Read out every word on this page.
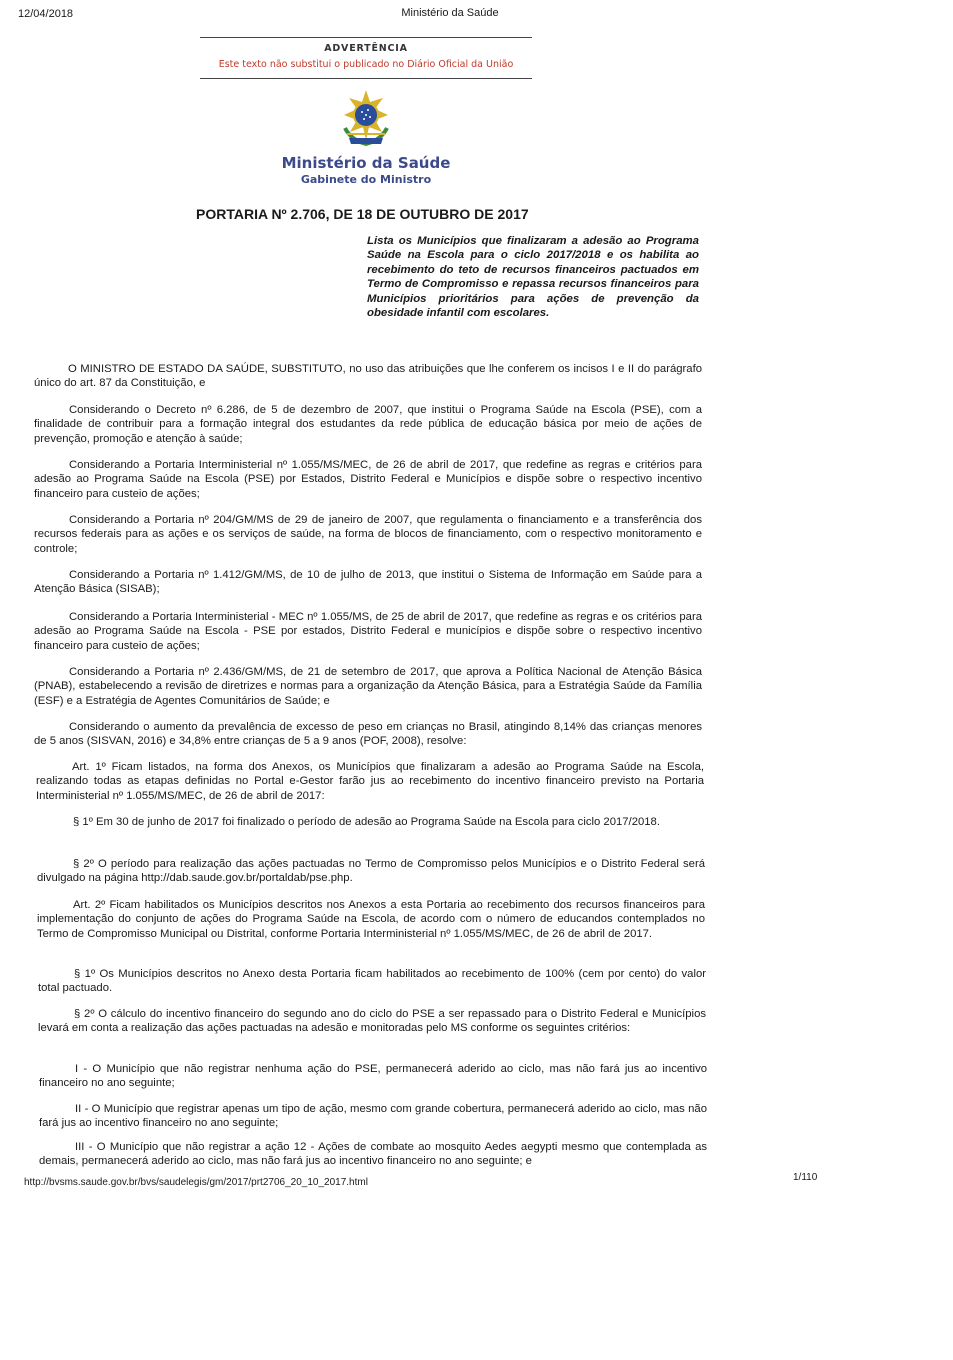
12/04/2018	Ministério da Saúde
ADVERTÊNCIA
Este texto não substitui o publicado no Diário Oficial da União
Ministério da Saúde
Gabinete do Ministro
PORTARIA Nº 2.706, DE 18 DE OUTUBRO DE 2017
Lista os Municípios que finalizaram a adesão ao Programa Saúde na Escola para o ciclo 2017/2018 e os habilita ao recebimento do teto de recursos financeiros pactuados em Termo de Compromisso e repassa recursos financeiros para Municípios prioritários para ações de prevenção da obesidade infantil com escolares.
O MINISTRO DE ESTADO DA SAÚDE, SUBSTITUTO, no uso das atribuições que lhe conferem os incisos I e II do parágrafo único do art. 87 da Constituição, e
Considerando o Decreto nº 6.286, de 5 de dezembro de 2007, que institui o Programa Saúde na Escola (PSE), com a finalidade de contribuir para a formação integral dos estudantes da rede pública de educação básica por meio de ações de prevenção, promoção e atenção à saúde;
Considerando a Portaria Interministerial nº 1.055/MS/MEC, de 26 de abril de 2017, que redefine as regras e critérios para adesão ao Programa Saúde na Escola (PSE) por Estados, Distrito Federal e Municípios e dispõe sobre o respectivo incentivo financeiro para custeio de ações;
Considerando a Portaria nº 204/GM/MS de 29 de janeiro de 2007, que regulamenta o financiamento e a transferência dos recursos federais para as ações e os serviços de saúde, na forma de blocos de financiamento, com o respectivo monitoramento e controle;
Considerando a Portaria nº 1.412/GM/MS, de 10 de julho de 2013, que institui o Sistema de Informação em Saúde para a Atenção Básica (SISAB);
Considerando a Portaria Interministerial - MEC nº 1.055/MS, de 25 de abril de 2017, que redefine as regras e os critérios para adesão ao Programa Saúde na Escola - PSE por estados, Distrito Federal e municípios e dispõe sobre o respectivo incentivo financeiro para custeio de ações;
Considerando a Portaria nº 2.436/GM/MS, de 21 de setembro de 2017, que aprova a Política Nacional de Atenção Básica (PNAB), estabelecendo a revisão de diretrizes e normas para a organização da Atenção Básica, para a Estratégia Saúde da Família (ESF) e a Estratégia de Agentes Comunitários de Saúde; e
Considerando o aumento da prevalência de excesso de peso em crianças no Brasil, atingindo 8,14% das crianças menores de 5 anos (SISVAN, 2016) e 34,8% entre crianças de 5 a 9 anos (POF, 2008), resolve:
Art. 1º Ficam listados, na forma dos Anexos, os Municípios que finalizaram a adesão ao Programa Saúde na Escola, realizando todas as etapas definidas no Portal e-Gestor farão jus ao recebimento do incentivo financeiro previsto na Portaria Interministerial nº 1.055/MS/MEC, de 26 de abril de 2017:
§ 1º Em 30 de junho de 2017 foi finalizado o período de adesão ao Programa Saúde na Escola para ciclo 2017/2018.
§ 2º O período para realização das ações pactuadas no Termo de Compromisso pelos Municípios e o Distrito Federal será divulgado na página http://dab.saude.gov.br/portaldab/pse.php.
Art. 2º Ficam habilitados os Municípios descritos nos Anexos a esta Portaria ao recebimento dos recursos financeiros para implementação do conjunto de ações do Programa Saúde na Escola, de acordo com o número de educandos contemplados no Termo de Compromisso Municipal ou Distrital, conforme Portaria Interministerial nº 1.055/MS/MEC, de 26 de abril de 2017.
§ 1º Os Municípios descritos no Anexo desta Portaria ficam habilitados ao recebimento de 100% (cem por cento) do valor total pactuado.
§ 2º O cálculo do incentivo financeiro do segundo ano do ciclo do PSE a ser repassado para o Distrito Federal e Municípios levará em conta a realização das ações pactuadas na adesão e monitoradas pelo MS conforme os seguintes critérios:
I - O Município que não registrar nenhuma ação do PSE, permanecerá aderido ao ciclo, mas não fará jus ao incentivo financeiro no ano seguinte;
II - O Município que registrar apenas um tipo de ação, mesmo com grande cobertura, permanecerá aderido ao ciclo, mas não fará jus ao incentivo financeiro no ano seguinte;
III - O Município que não registrar a ação 12 - Ações de combate ao mosquito Aedes aegypti mesmo que contemplada as demais, permanecerá aderido ao ciclo, mas não fará jus ao incentivo financeiro no ano seguinte; e
http://bvsms.saude.gov.br/bvs/saudelegis/gm/2017/prt2706_20_10_2017.html	1/110
